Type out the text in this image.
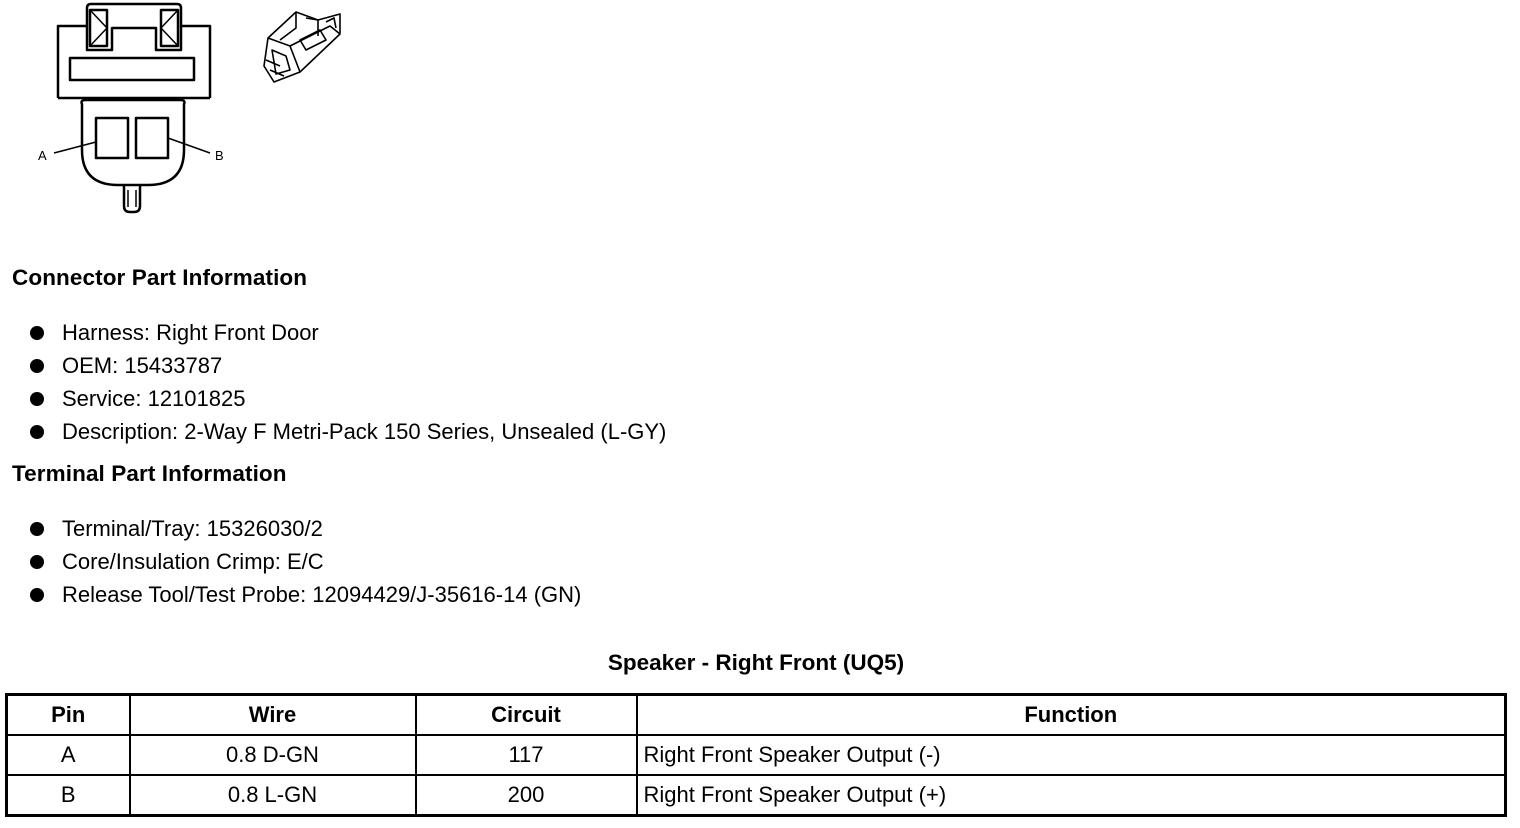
A	B
Connector Part Information
Harness: Right Front Door
OEM: 15433787
Service: 12101825
Description: 2-Way F Metri-Pack 150 Series, Unsealed (L-GY)
Terminal Part Information
Terminal/Tray: 15326030/2
Core/Insulation Crimp: E/C
Release Tool/Test Probe: 12094429/J-35616-14 (GN)
Speaker - Right Front (UQ5)
Pin	Wire	Circuit	Function
A	0.8 D-GN	117	Right Front Speaker Output (-)
B	0.8 L-GN	200	Right Front Speaker Output (+)
